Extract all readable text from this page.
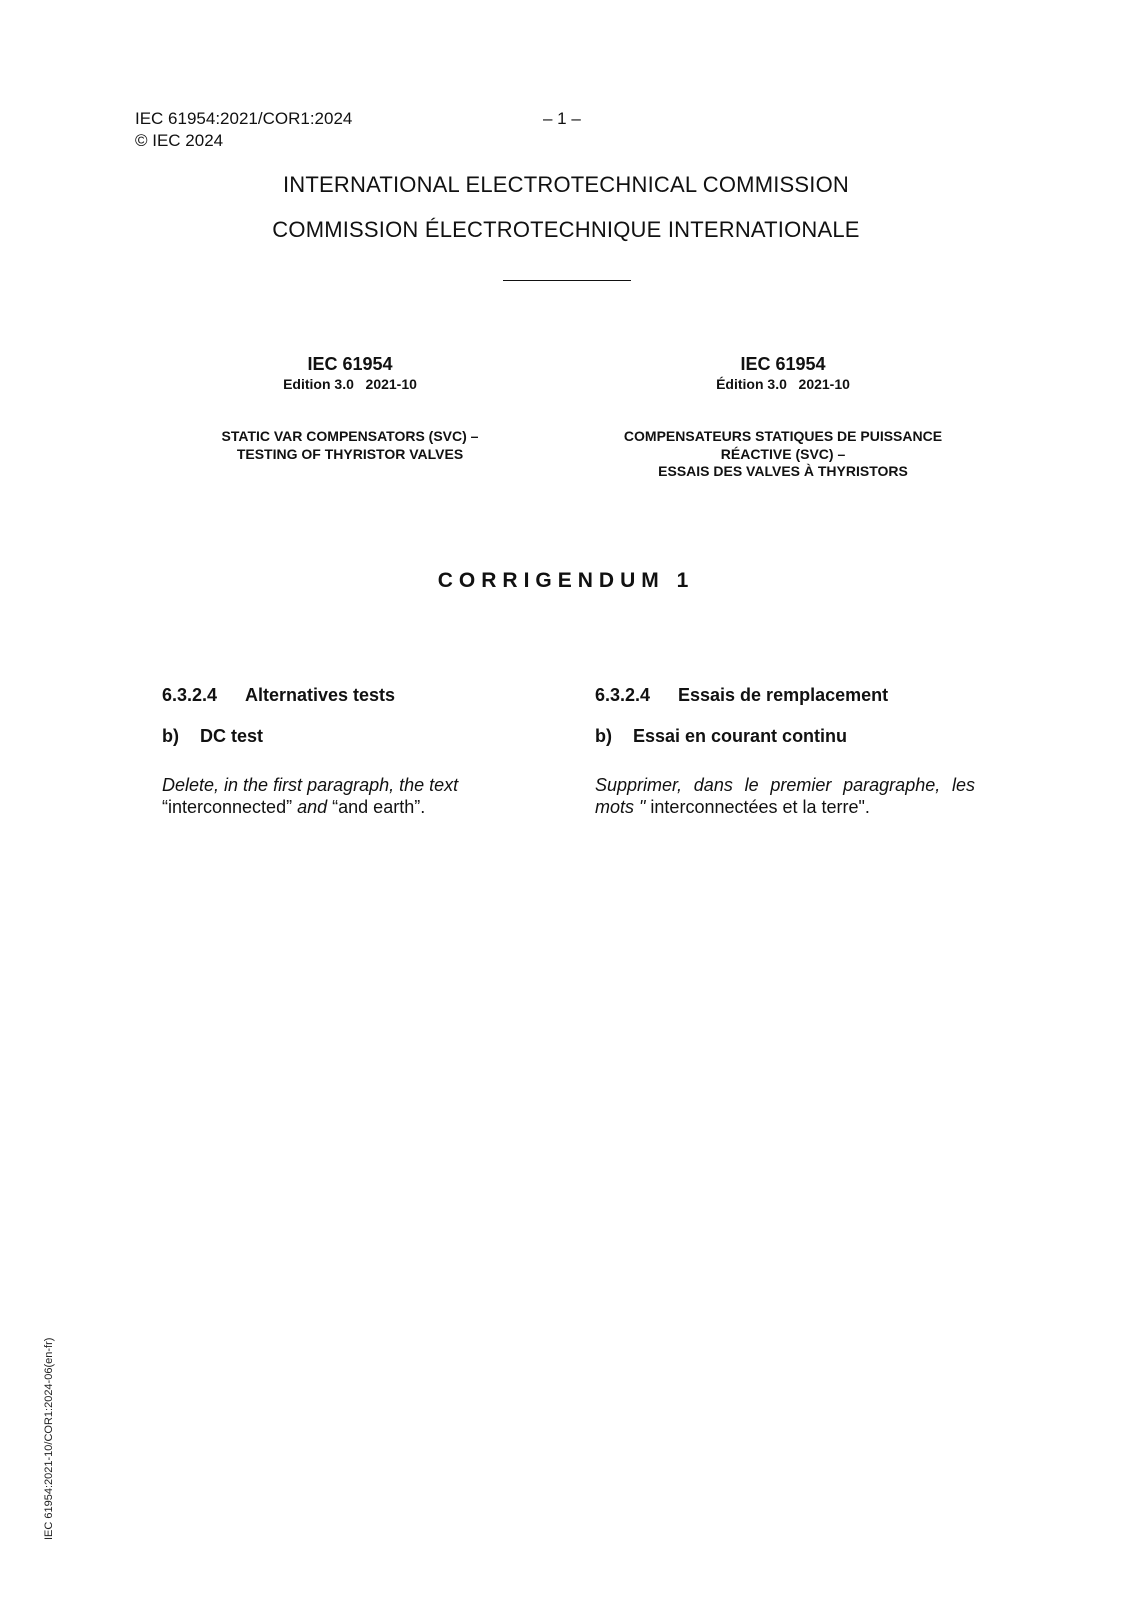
IEC 61954:2021/COR1:2024
© IEC 2024
– 1 –
INTERNATIONAL ELECTROTECHNICAL COMMISSION
COMMISSION ÉLECTROTECHNIQUE INTERNATIONALE
IEC 61954
Edition 3.0   2021-10
STATIC VAR COMPENSATORS (SVC) –
TESTING OF THYRISTOR VALVES
IEC 61954
Édition 3.0   2021-10
COMPENSATEURS STATIQUES DE PUISSANCE
RÉACTIVE (SVC) –
ESSAIS DES VALVES À THYRISTORS
CORRIGENDUM 1
6.3.2.4 Alternatives tests
b) DC test
Delete, in the first paragraph, the text
“interconnected” and “and earth”.
6.3.2.4 Essais de remplacement
b) Essai en courant continu
Supprimer, dans le premier paragraphe, les mots " interconnectées et la terre".
IEC 61954:2021-10/COR1:2024-06(en-fr)
